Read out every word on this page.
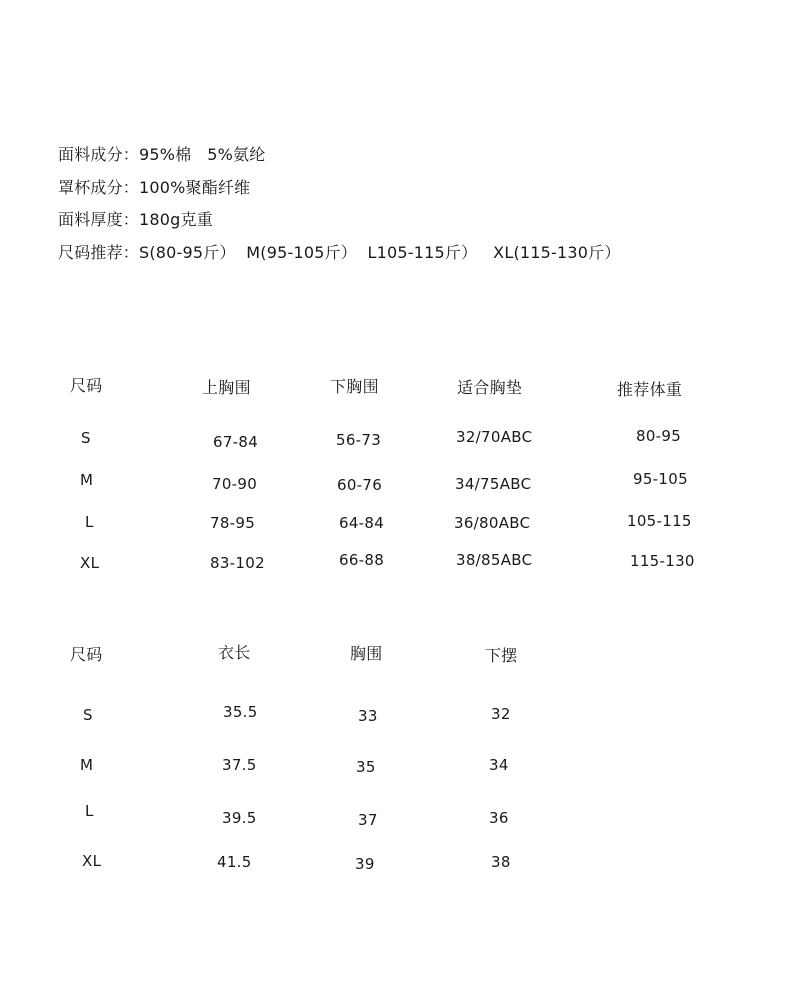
面料成分：95%棉   5%氨纶
罩杯成分：100%聚酯纤维
面料厚度：180g克重
尺码推荐：S(80-95斤）  M(95-105斤）  L105-115斤）   XL(115-130斤）
尺码	上胸围	下胸围	适合胸垫	推荐体重
S	67-84	56-73	32/70ABC	80-95
M	70-90	60-76	34/75ABC	95-105
L	78-95	64-84	36/80ABC	105-115
XL	83-102	66-88	38/85ABC	115-130
尺码	衣长	胸围	下摆
S	35.5	33	32
M	37.5	35	34
L	39.5	37	36
XL	41.5	39	38
